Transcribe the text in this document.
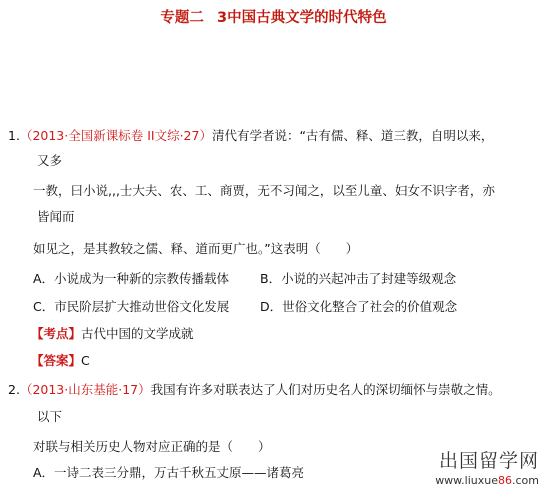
专题二 3中国古典文学的时代特色
1.（2013·全国新课标卷 II文综·27）清代有学者说：“古有儒、释、道三教，自明以来，
又多
一教，曰小说,,,士大夫、农、工、商贾，无不习闻之，以至儿童、妇女不识字者，亦
皆闻而
如见之，是其教较之儒、释、道而更广也。”这表明（　　）
A．小说成为一种新的宗教传播载体 B．小说的兴起冲击了封建等级观念
C．市民阶层扩大推动世俗文化发展 D．世俗文化整合了社会的价值观念
【考点】古代中国的文学成就
【答案】C
2.（2013·山东基能·17）我国有许多对联表达了人们对历史名人的深切缅怀与崇敬之情。
以下
对联与相关历史人物对应正确的是（　　）
A．一诗二表三分鼎，万古千秋五丈原——诸葛亮
出国留学网
www.liuxue86.com
